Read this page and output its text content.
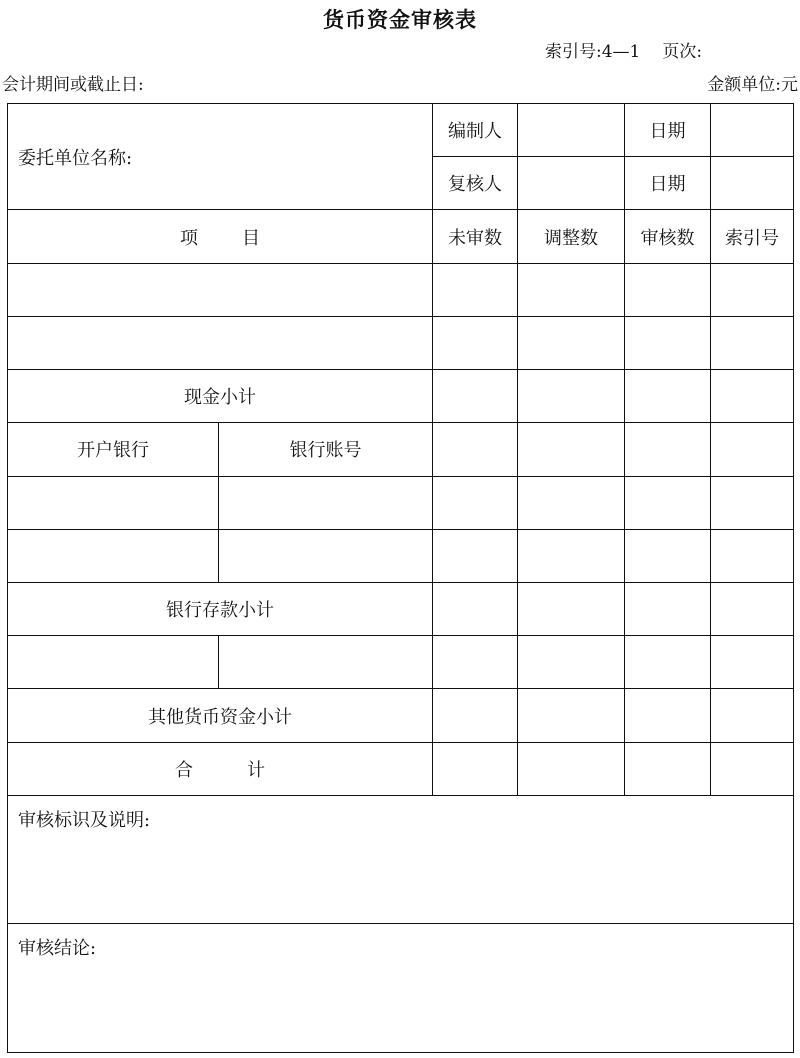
货币资金审核表
索引号:4—1 页次:
会计期间或截止日:	金额单位:元
委托单位名称:		编制人		日期	
		复核人		日期	
项目		未审数	调整数	审核数	索引号

现金小计					
开户银行	银行账号				

银行存款小计					

其他货币资金小计					
合计					
审核标识及说明:					
审核结论:					
